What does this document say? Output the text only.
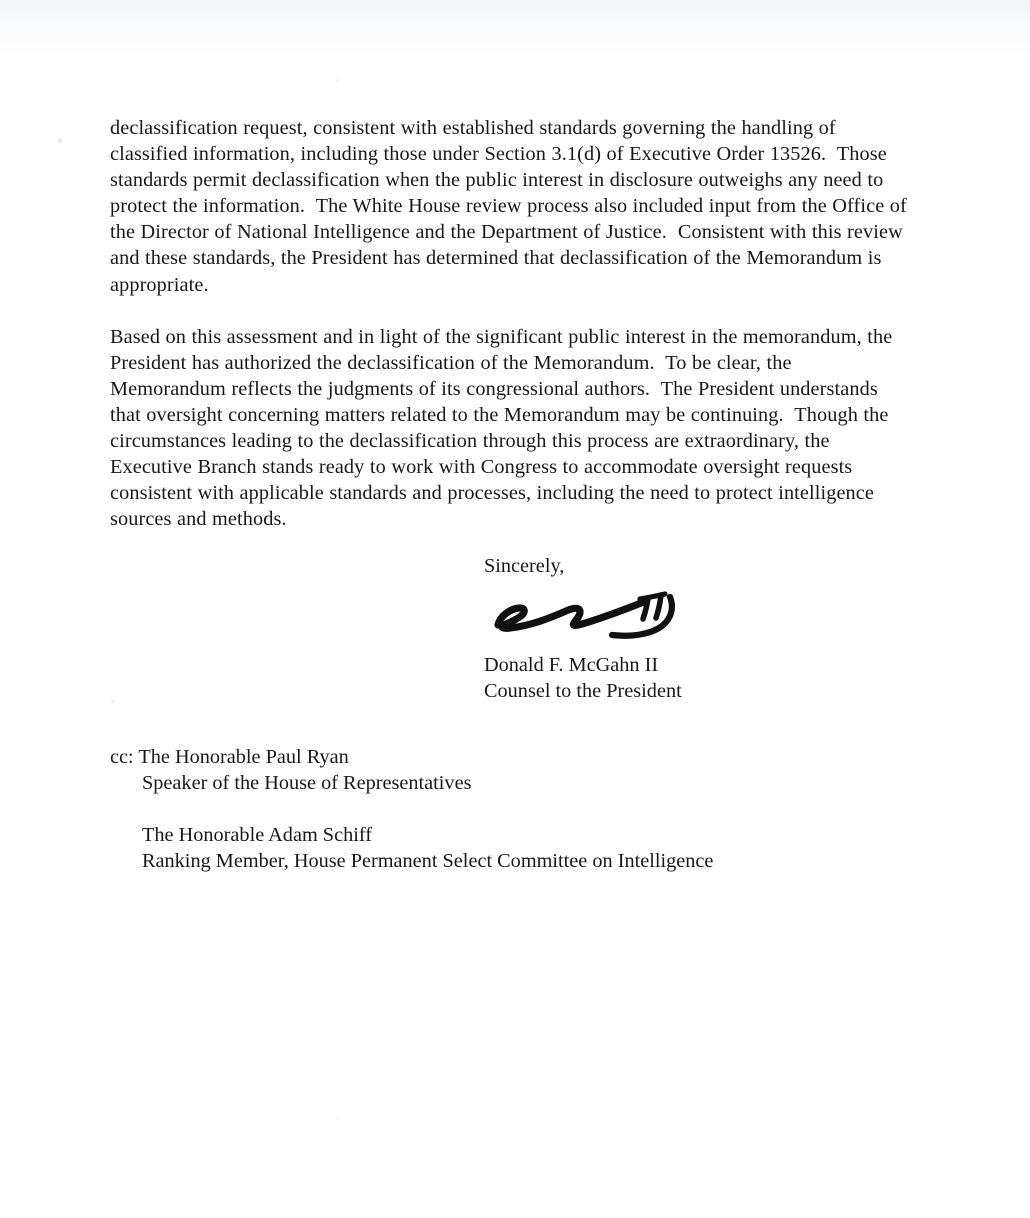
declassification request, consistent with established standards governing the handling of
classified information, including those under Section 3.1(d) of Executive Order 13526.  Those
standards permit declassification when the public interest in disclosure outweighs any need to
protect the information.  The White House review process also included input from the Office of
the Director of National Intelligence and the Department of Justice.  Consistent with this review
and these standards, the President has determined that declassification of the Memorandum is
appropriate.

Based on this assessment and in light of the significant public interest in the memorandum, the
President has authorized the declassification of the Memorandum.  To be clear, the
Memorandum reflects the judgments of its congressional authors.  The President understands
that oversight concerning matters related to the Memorandum may be continuing.  Though the
circumstances leading to the declassification through this process are extraordinary, the
Executive Branch stands ready to work with Congress to accommodate oversight requests
consistent with applicable standards and processes, including the need to protect intelligence
sources and methods.

Sincerely,
Donald F. McGahn II
Counsel to the President
cc: The Honorable Paul Ryan
Speaker of the House of Representatives
The Honorable Adam Schiff
Ranking Member, House Permanent Select Committee on Intelligence
